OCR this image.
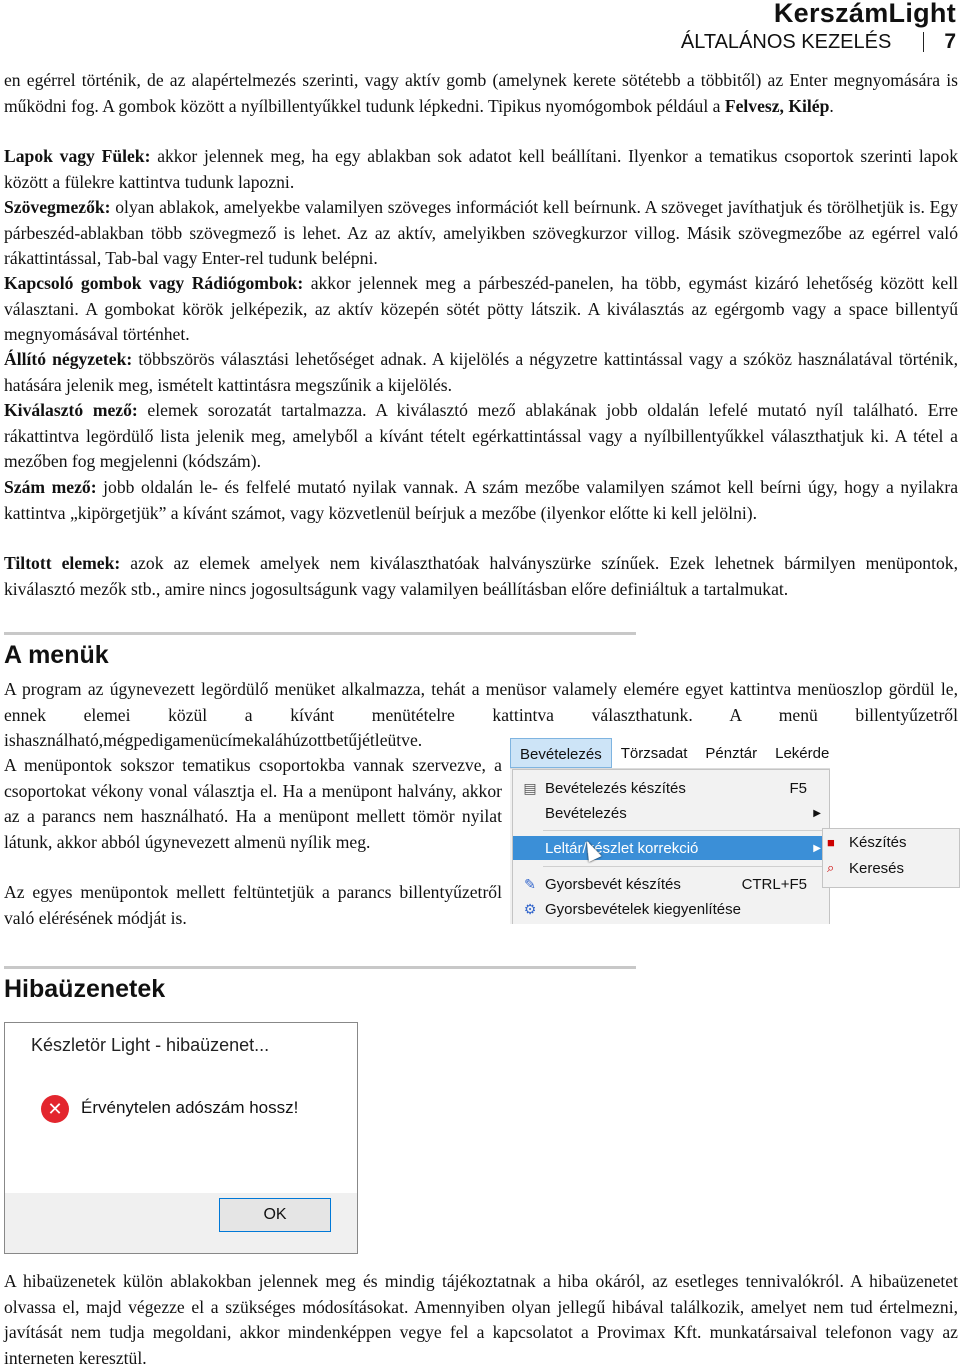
KerszámLight
ÁLTALÁNOS KEZELÉS	7
en egérrel történik, de az alapértelmezés szerinti, vagy aktív gomb (amelynek kerete sötétebb a többitől) az Enter megnyomására is működni fog. A gombok között a nyílbillentyűkkel tudunk lépkedni. Tipikus nyomógombok például a Felvesz, Kilép.
Lapok vagy Fülek: akkor jelennek meg, ha egy ablakban sok adatot kell beállítani. Ilyenkor a tematikus csoportok szerinti lapok között a fülekre kattintva tudunk lapozni.
Szövegmezők: olyan ablakok, amelyekbe valamilyen szöveges információt kell beírnunk. A szöveget javíthatjuk és törölhetjük is. Egy párbeszéd-ablakban több szövegmező is lehet. Az az aktív, amelyikben szövegkurzor villog. Másik szövegmezőbe az egérrel való rákattintással, Tab-bal vagy Enter-rel tudunk belépni.
Kapcsoló gombok vagy Rádiógombok: akkor jelennek meg a párbeszéd-panelen, ha több, egymást kizáró lehetőség között kell választani. A gombokat körök jelképezik, az aktív közepén sötét pötty látszik. A kiválasztás az egérgomb vagy a space billentyű megnyomásával történhet.
Állító négyzetek: többszörös választási lehetőséget adnak. A kijelölés a négyzetre kattintással vagy a szóköz használatával történik, hatására jelenik meg, ismételt kattintásra megszűnik a kijelölés.
Kiválasztó mező: elemek sorozatát tartalmazza. A kiválasztó mező ablakának jobb oldalán lefelé mutató nyíl található. Erre rákattintva legördülő lista jelenik meg, amelyből a kívánt tételt egérkattintással vagy a nyílbillentyűkkel választhatjuk ki. A tétel a mezőben fog megjelenni (kódszám).
Szám mező: jobb oldalán le- és felfelé mutató nyilak vannak. A szám mezőbe valamilyen számot kell beírni úgy, hogy a nyilakra kattintva „kipörgetjük” a kívánt számot, vagy közvetlenül beírjuk a mezőbe (ilyenkor előtte ki kell jelölni).
Tiltott elemek: azok az elemek amelyek nem kiválaszthatóak halványszürke színűek. Ezek lehetnek bármilyen menüpontok, kiválasztó mezők stb., amire nincs jogosultságunk vagy valamilyen beállításban előre definiáltuk a tartalmukat.
A menük
A program az úgynevezett legördülő menüket alkalmazza, tehát a menüsor valamely elemére egyet kattintva menüoszlop gördül le, ennek elemei közül a kívánt menütételre kattintva választhatunk. A menü billentyűzetről ishasználható,mégpedigamenücímekaláhúzottbetűjétleütve.
A menüpontok sokszor tematikus csoportokba vannak szervezve, a csoportokat vékony vonal választja el. Ha a menüpont halvány, akkor az a parancs nem használható. Ha a menüpont mellett tömör nyilat látunk, akkor abból úgynevezett almenü nyílik meg.
Az egyes menüpontok mellett feltüntetjük a parancs billentyűzetről való elérésének módját is.
Bevételezés	Törzsadat	Pénztár	Lekérde
▤ Bevételezés készítés	F5
Bevételezés	▶
Leltár/készlet korrekció	▶
✎ Gyorsbevét készítés	CTRL+F5
⚙ Gyorsbevételek kiegyenlítése
■ Készítés
⌕ Keresés
Hibaüzenetek
Készletör Light - hibaüzenet...
✕	Érvénytelen adószám hossz!
OK
A hibaüzenetek külön ablakokban jelennek meg és mindig tájékoztatnak a hiba okáról, az esetleges tennivalókról. A hibaüzenetet olvassa el, majd végezze el a szükséges módosításokat. Amennyiben olyan jellegű hibával találkozik, amelyet nem tud értelmezni, javítását nem tudja megoldani, akkor mindenképpen vegye fel a kapcsolatot a Provimax Kft. munkatársaival telefonon vagy az interneten keresztül.
